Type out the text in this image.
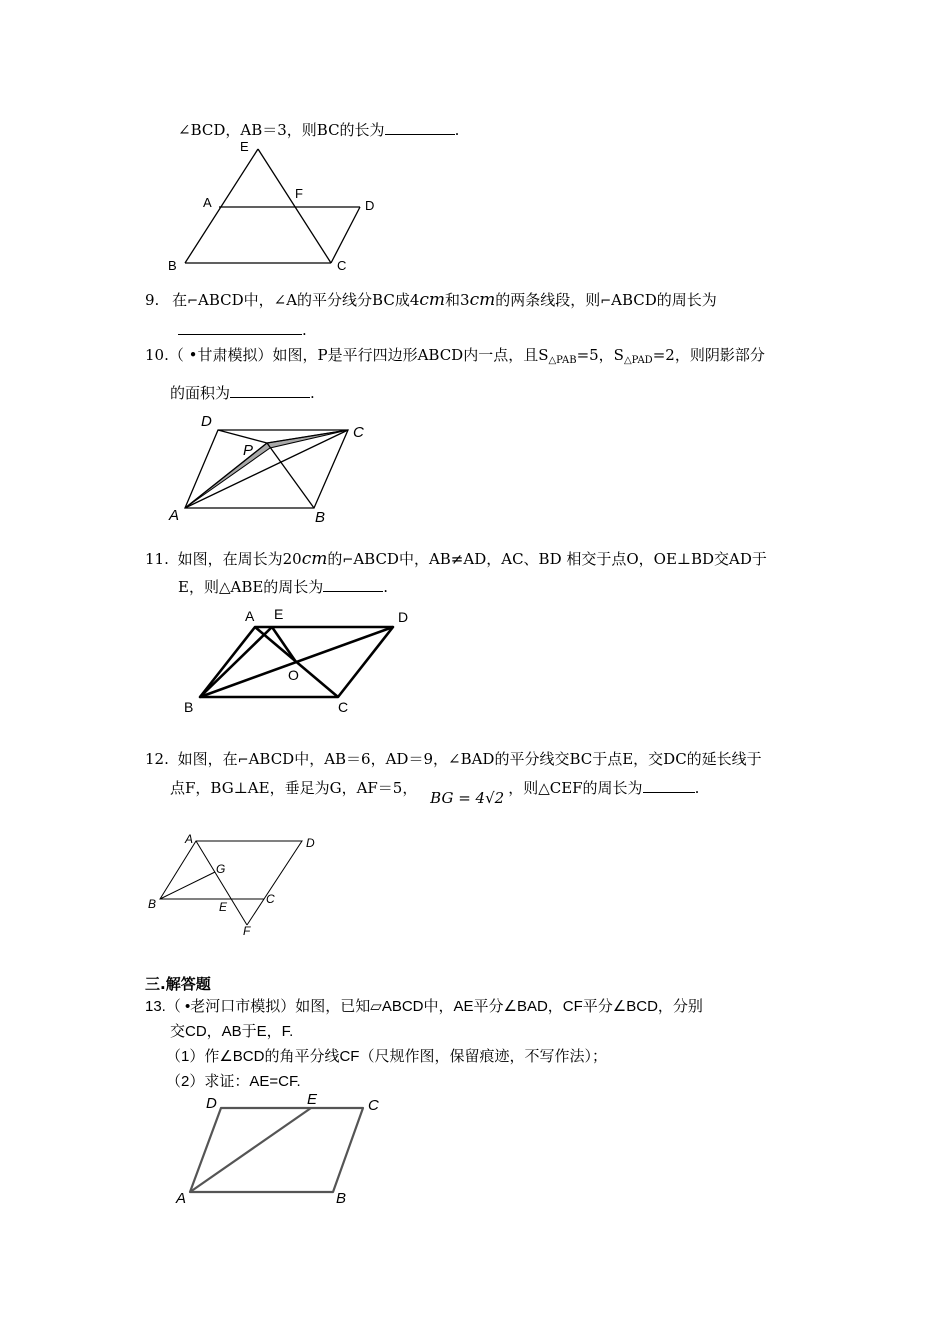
∠BCD，AB＝3，则BC的长为	.
E
A
F
D
B	C
9. 在⌐ABCD中，∠A的平分线分BC成4cm和3cm的两条线段，则⌐ABCD的周长为
.
10.（ •甘肃模拟）如图，P是平行四边形ABCD内一点，且$S_{\triangle PAB}=5$，$S_{\triangle PAD}=2$，则阴影部分
的面积为	.
D
C
P
A	B
11. 如图，在周长为20cm的⌐ABCD中，AB≠AD，AC、BD 相交于点O，OE⊥BD交AD于
E，则△ABE的周长为	.
A E	D
O
B	C
12. 如图，在⌐ABCD中，AB＝6，AD＝9，∠BAD的平分线交BC于点E，交DC的延长线于
点F，BG⊥AE，垂足为G，AF＝5， BG = 4√2，则△CEF的周长为	.
A	D
G
B	E
C
F
三.解答题
13.（ •老河口市模拟）如图，已知▱ABCD中，AE平分∠BAD，CF平分∠BCD，分别
交CD，AB于E，F.
（1）作∠BCD的角平分线CF（尺规作图，保留痕迹，不写作法）；
（2）求证：AE=CF.
D	E	C
A	B
